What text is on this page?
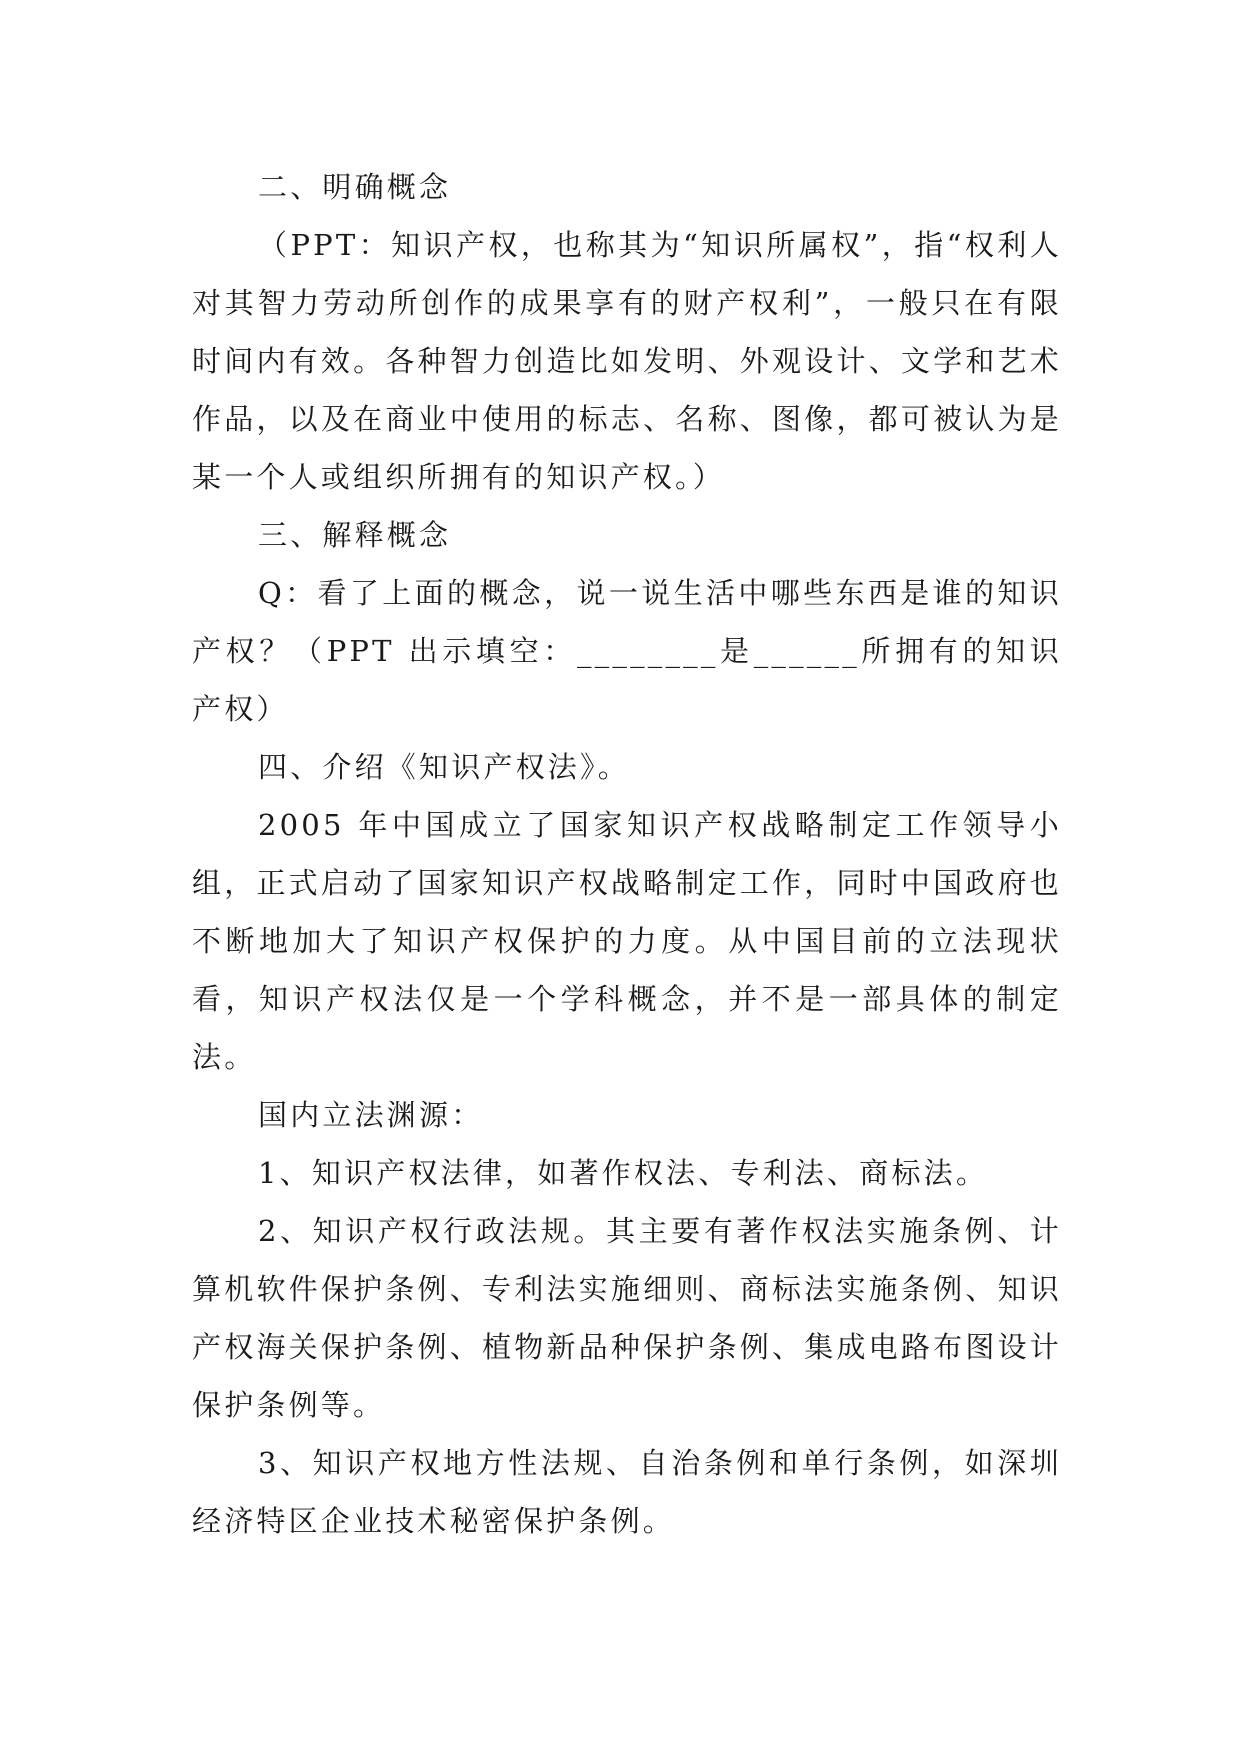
二、明确概念

（PPT：知识产权，也称其为“知识所属权”，指“权利人对其智力劳动所创作的成果享有的财产权利”，一般只在有限时间内有效。各种智力创造比如发明、外观设计、文学和艺术作品，以及在商业中使用的标志、名称、图像，都可被认为是某一个人或组织所拥有的知识产权。）

三、解释概念

Q：看了上面的概念，说一说生活中哪些东西是谁的知识产权？（PPT 出示填空：________是______所拥有的知识产权）

四、介绍《知识产权法》。

2005 年中国成立了国家知识产权战略制定工作领导小组，正式启动了国家知识产权战略制定工作，同时中国政府也不断地加大了知识产权保护的力度。从中国目前的立法现状看，知识产权法仅是一个学科概念，并不是一部具体的制定法。

国内立法渊源：

1、知识产权法律，如著作权法、专利法、商标法。

2、知识产权行政法规。其主要有著作权法实施条例、计算机软件保护条例、专利法实施细则、商标法实施条例、知识产权海关保护条例、植物新品种保护条例、集成电路布图设计保护条例等。

3、知识产权地方性法规、自治条例和单行条例，如深圳经济特区企业技术秘密保护条例。
